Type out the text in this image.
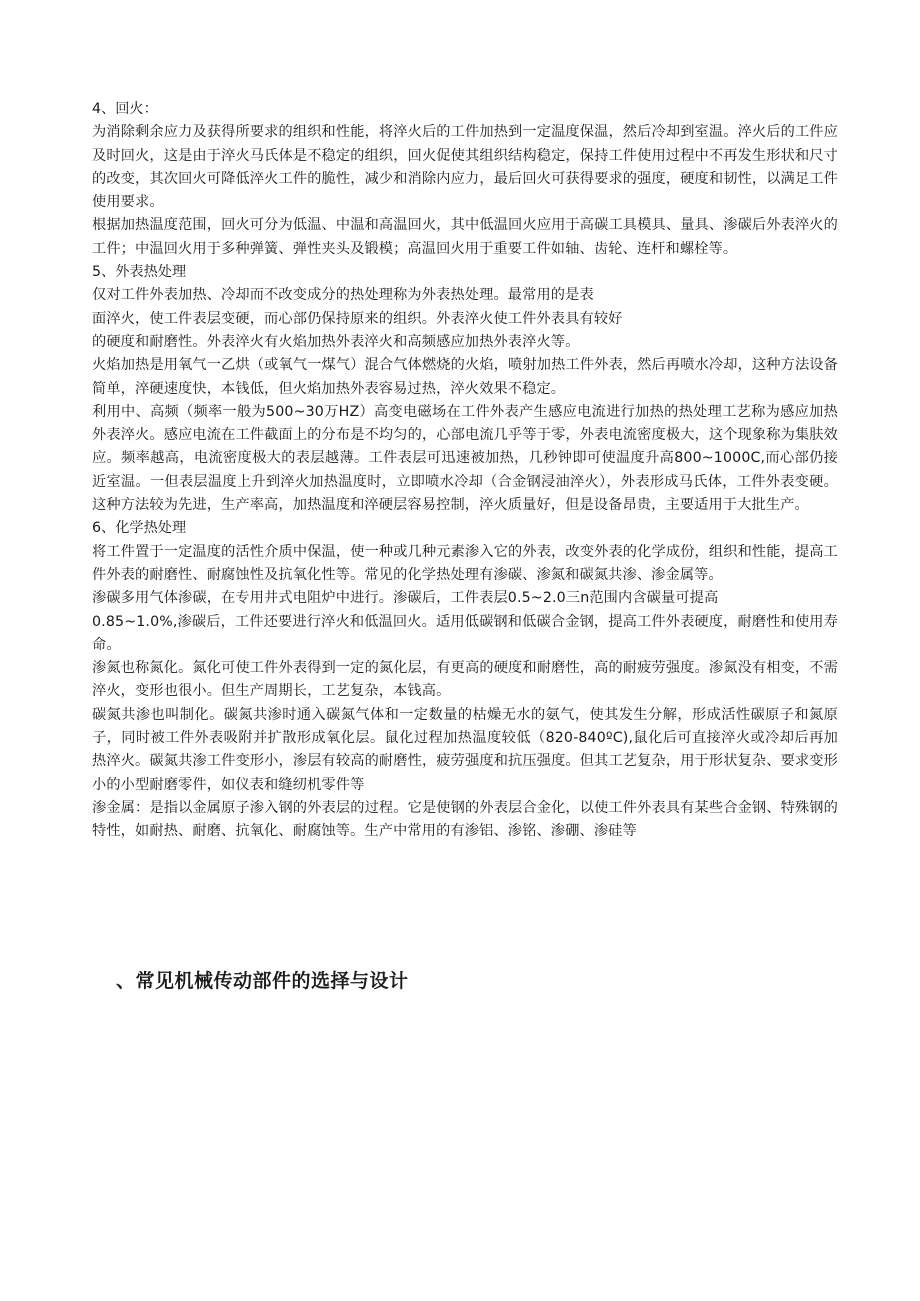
4、回火：

为消除剩余应力及获得所要求的组织和性能，将淬火后的工件加热到一定温度保温，然后冷却到室温。淬火后的工件应及时回火，这是由于淬火马氏体是不稳定的组织，回火促使其组织结构稳定，保持工件使用过程中不再发生形状和尺寸的改变，其次回火可降低淬火工件的脆性，减少和消除内应力，最后回火可获得要求的强度，硬度和韧性，以满足工件使用要求。

根据加热温度范围，回火可分为低温、中温和高温回火，其中低温回火应用于高碳工具模具、量具、渗碳后外表淬火的工件；中温回火用于多种弹簧、弹性夹头及锻模；高温回火用于重要工件如轴、齿轮、连杆和螺栓等。

5、外表热处理

仅对工件外表加热、冷却而不改变成分的热处理称为外表热处理。最常用的是表

面淬火，使工件表层变硬，而心部仍保持原来的组织。外表淬火使工件外表具有较好

的硬度和耐磨性。外表淬火有火焰加热外表淬火和高频感应加热外表淬火等。

火焰加热是用氧气一乙烘（或氧气一煤气）混合气体燃烧的火焰，喷射加热工件外表，然后再喷水冷却，这种方法设备简单，淬硬速度快，本钱低，但火焰加热外表容易过热，淬火效果不稳定。

利用中、高频（频率一般为500~30万HZ）高变电磁场在工件外表产生感应电流进行加热的热处理工艺称为感应加热外表淬火。感应电流在工件截面上的分布是不均匀的，心部电流几乎等于零，外表电流密度极大，这个现象称为集肤效应。频率越高，电流密度极大的表层越薄。工件表层可迅速被加热，几秒钟即可使温度升高800~1000C,而心部仍接近室温。一但表层温度上升到淬火加热温度时，立即喷水冷却（合金钢浸油淬火），外表形成马氏体，工件外表变硬。这种方法较为先进，生产率高，加热温度和淬硬层容易控制，淬火质量好，但是设备昂贵，主要适用于大批生产。

6、化学热处理

将工件置于一定温度的活性介质中保温，使一种或几种元素渗入它的外表，改变外表的化学成份，组织和性能，提高工件外表的耐磨性、耐腐蚀性及抗氧化性等。常见的化学热处理有渗碳、渗氮和碳氮共渗、渗金属等。

渗碳多用气体渗碳，在专用井式电阻炉中进行。渗碳后，工件表层0.5~2.0三n范围内含碳量可提高

0.85~1.0%,渗碳后，工件还要进行淬火和低温回火。适用低碳钢和低碳合金钢，提高工件外表硬度，耐磨性和使用寿命。

渗氮也称氮化。氮化可使工件外表得到一定的氮化层，有更高的硬度和耐磨性，高的耐疲劳强度。渗氮没有相变，不需淬火，变形也很小。但生产周期长，工艺复杂，本钱高。

碳氮共渗也叫制化。碳氮共渗时通入碳氮气体和一定数量的枯燥无水的氨气，使其发生分解，形成活性碳原子和氮原子，同时被工件外表吸附并扩散形成氧化层。鼠化过程加热温度较低（820-840ºC),鼠化后可直接淬火或冷却后再加热淬火。碳氮共渗工件变形小，渗层有较高的耐磨性，疲劳强度和抗压强度。但其工艺复杂，用于形状复杂、要求变形小的小型耐磨零件，如仪表和缝纫机零件等

渗金属：是指以金属原子渗入钢的外表层的过程。它是使钢的外表层合金化，以使工件外表具有某些合金钢、特殊钢的特性，如耐热、耐磨、抗氧化、耐腐蚀等。生产中常用的有渗铝、渗铭、渗硼、渗硅等

、常见机械传动部件的选择与设计
